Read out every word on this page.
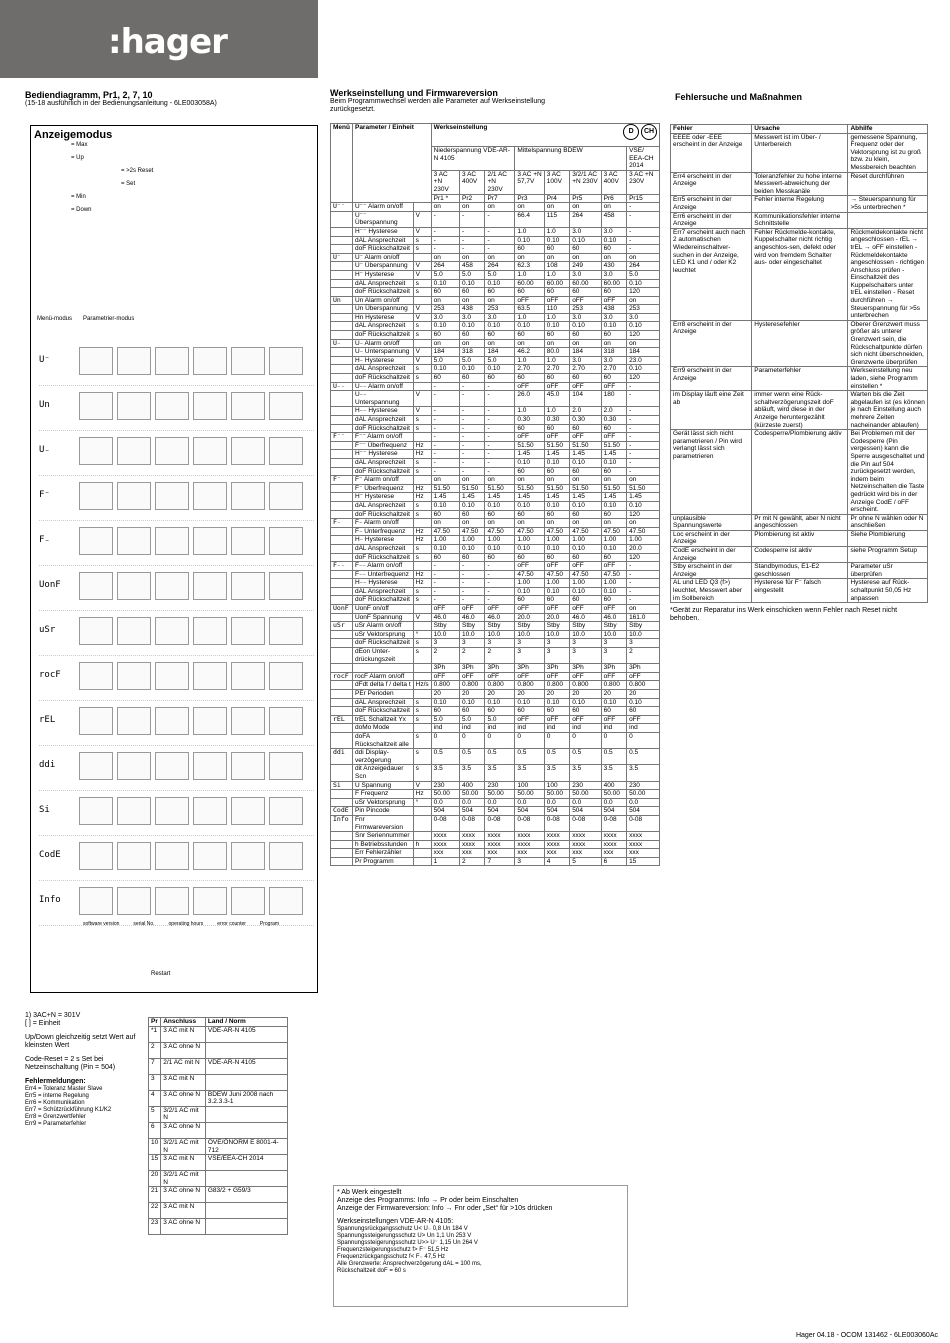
:hager
Bediendiagramm, Pr1, 2, 7, 10
(15-18 ausführlich in der Bedienungsanleitung - 6LE003058A)
Anzeigemodus
= Max
= Up
= >2s Reset
= Set
= Min
= Down
Menü-modus Parametrier-modus
U⁻
Un
U₋
F⁻
F₋
UonF
uSr
rocF
rEL
ddi
Si
CodE
Info
software version	serial No.	operating hours	error counter	Program
Restart
1) 3AC+N = 301V
[ ] = Einheit
Up/Down gleichzeitig setzt Wert auf kleinsten Wert
Code-Reset = 2 s Set bei Netzeinschaltung (Pin = 504)
Fehlermeldungen:
Err4 = Toleranz Master Slave
Err5 = interne Regelung
Err6 = Kommunikation
Err7 = Schützrückführung K1/K2
Err8 = Grenzwertfehler
Err9 = Parameterfehler
Pr	Anschluss	Land / Norm
*1	3 AC mit N	VDE-AR-N 4105
2	3 AC ohne N	
7	2/1 AC mit N	VDE-AR-N 4105
3	3 AC mit N	
4	3 AC ohne N	BDEW Juni 2008 nach 3.2.3.3-1
5	3/2/1 AC mit N	
6	3 AC ohne N	
10	3/2/1 AC mit N	ÖVE/ÖNORM E 8001-4-712
15	3 AC mit N	VSE/EEA-CH 2014
20	3/2/1 AC mit N	
21	3 AC ohne N	G83/2 + G59/3
22	3 AC mit N	
23	3 AC ohne N	
Werkseinstellung und Firmwareversion
Beim Programmwechsel werden alle Parameter auf Werkseinstellung zurückgesetzt.
Menü	Parameter / Einheit		Werkseinstellung
D CH							

			Niederspannung VDE-AR-N 4105			Mittelspannung BDEW				VSE/ EEA-CH 2014
			3 AC +N 230V	3 AC 400V	2/1 AC +N 230V	3 AC +N 57,7V	3 AC 100V	3/2/1 AC +N 230V	3 AC 400V	3 AC +N 230V
			Pr1 *	Pr2	Pr7	Pr3	Pr4	Pr5	Pr6	Pr15
U⁻⁻	U⁻⁻ Alarm on/off		on	on	on	on	on	on	on	-
	U⁻⁻ Überspannung	V	-	-	-	66.4	115	264	458	-
	H⁻⁻ Hysterese	V	-	-	-	1.0	1.0	3.0	3.0	-
	dAL Ansprechzeit	s	-	-	-	0.10	0.10	0.10	0.10	-
	doF Rückschaltzeit	s	-	-	-	60	60	60	60	-
U⁻	U⁻ Alarm on/off		on	on	on	on	on	on	on	on
	U⁻ Überspannung	V	264	458	264	62.3	108	249	430	264
	H⁻ Hysterese	V	5.0	5.0	5.0	1.0	1.0	3.0	3.0	5.0
	dAL Ansprechzeit	s	0.10	0.10	0.10	60.00	60.00	60.00	60.00	0.10
	doF Rückschaltzeit	s	60	60	60	60	60	60	60	120
Un	Un Alarm on/off		on	on	on	oFF	oFF	oFF	oFF	on
	Un Überspannung	V	253	438	253	63.5	110	253	438	253
	Hn Hysterese	V	3.0	3.0	3.0	1.0	1.0	3.0	3.0	3.0
	dAL Ansprechzeit	s	0.10	0.10	0.10	0.10	0.10	0.10	0.10	0.10
	doF Rückschaltzeit	s	60	60	60	60	60	60	60	120
U₋	U₋ Alarm on/off		on	on	on	on	on	on	on	on
	U₋ Unterspannung	V	184	318	184	46.2	80.0	184	318	184
	H₋ Hysterese	V	5.0	5.0	5.0	1.0	1.0	3.0	3.0	23.0
	dAL Ansprechzeit	s	0.10	0.10	0.10	2.70	2.70	2.70	2.70	0.10
	doF Rückschaltzeit	s	60	60	60	60	60	60	60	120
U₋₋	U₋₋ Alarm on/off		-	-	-	oFF	oFF	oFF	oFF	-
	U₋₋ Unterspannung	V	-	-	-	26.0	45.0	104	180	-
	H₋₋ Hysterese	V	-	-	-	1.0	1.0	2.0	2.0	-
	dAL Ansprechzeit	s	-	-	-	0.30	0.30	0.30	0.30	-
	doF Rückschaltzeit	s	-	-	-	60	60	60	60	-
F⁻⁻	F⁻⁻ Alarm on/off		-	-	-	oFF	oFF	oFF	oFF	-
	F⁻⁻ Überfrequenz	Hz	-	-	-	51.50	51.50	51.50	51.50	-
	H⁻⁻ Hysterese	Hz	-	-	-	1.45	1.45	1.45	1.45	-
	dAL Ansprechzeit	s	-	-	-	0.10	0.10	0.10	0.10	-
	doF Rückschaltzeit	s	-	-	-	60	60	60	60	-
F⁻	F⁻ Alarm on/off		on	on	on	on	on	on	on	on
	F⁻ Überfrequenz	Hz	51.50	51.50	51.50	51.50	51.50	51.50	51.50	51.50
	H⁻ Hysterese	Hz	1.45	1.45	1.45	1.45	1.45	1.45	1.45	1.45
	dAL Ansprechzeit	s	0.10	0.10	0.10	0.10	0.10	0.10	0.10	0.10
	doF Rückschaltzeit	s	60	60	60	60	60	60	60	120
F₋	F₋ Alarm on/off		on	on	on	on	on	on	on	on
	F₋ Unterfrequenz	Hz	47.50	47.50	47.50	47.50	47.50	47.50	47.50	47.50
	H₋ Hysterese	Hz	1.00	1.00	1.00	1.00	1.00	1.00	1.00	1.00
	dAL Ansprechzeit	s	0.10	0.10	0.10	0.10	0.10	0.10	0.10	20.0
	doF Rückschaltzeit	s	60	60	60	60	60	60	60	120
F₋₋	F₋₋ Alarm on/off		-	-	-	oFF	oFF	oFF	oFF	-
	F₋₋ Unterfrequenz	Hz	-	-	-	47.50	47.50	47.50	47.50	-
	H₋₋ Hysterese	Hz	-	-	-	1.00	1.00	1.00	1.00	-
	dAL Ansprechzeit	s	-	-	-	0.10	0.10	0.10	0.10	-
	doF Rückschaltzeit	s	-	-	-	60	60	60	60	-
UonF	UonF on/off		oFF	oFF	oFF	oFF	oFF	oFF	oFF	on
	UonF Spannung	V	46.0	46.0	46.0	20.0	20.0	46.0	46.0	161.0
uSr	uSr Alarm on/off		Stby	Stby	Stby	Stby	Stby	Stby	Stby	Stby
	uSr Vektorsprung	°	10.0	10.0	10.0	10.0	10.0	10.0	10.0	10.0
	doF Rückschaltzeit	s	3	3	3	3	3	3	3	3
	dEon Unter-drückungszeit	s	2	2	2	3	3	3	3	2
			3Ph	3Ph	3Ph	3Ph	3Ph	3Ph	3Ph	3Ph
rocF	rocF Alarm on/off		oFF	oFF	oFF	oFF	oFF	oFF	oFF	oFF
	dFdt delta f / delta t	Hz/s	0.800	0.800	0.800	0.800	0.800	0.800	0.800	0.800
	PEr Perioden		20	20	20	20	20	20	20	20
	dAL Ansprechzeit	s	0.10	0.10	0.10	0.10	0.10	0.10	0.10	0.10
	doF Rückschaltzeit	s	60	60	60	60	60	60	60	60
rEL	trEL Schaltzeit Yx	s	5.0	5.0	5.0	oFF	oFF	oFF	oFF	oFF
	doMo Mode		ind	ind	ind	ind	ind	ind	ind	ind
	doFA Rückschaltzeit alle	s	0	0	0	0	0	0	0	0
ddi	ddi Display-verzögerung	s	0.5	0.5	0.5	0.5	0.5	0.5	0.5	0.5
	dit Anzeigedauer Scn	s	3.5	3.5	3.5	3.5	3.5	3.5	3.5	3.5
Si	U Spannung	V	230	400	230	100	100	230	400	230
	F Frequenz	Hz	50.00	50.00	50.00	50.00	50.00	50.00	50.00	50.00
	uSr Vektorsprung	°	0.0	0.0	0.0	0.0	0.0	0.0	0.0	0.0
CodE	Pin Pincode		504	504	504	504	504	504	504	504
Info	Fnr Firmwareversion		0-08	0-08	0-08	0-08	0-08	0-08	0-08	0-08
	Snr Seriennummer		xxxx	xxxx	xxxx	xxxx	xxxx	xxxx	xxxx	xxxx
	h Betriebsstunden	h	xxxx	xxxx	xxxx	xxxx	xxxx	xxxx	xxxx	xxxx
	Err Fehlerzähler		xxx	xxx	xxx	xxx	xxx	xxx	xxx	xxx
	Pr Programm		1	2	7	3	4	5	6	15
* Ab Werk eingestellt
Anzeige des Programms: Info → Pr oder beim Einschalten
Anzeige der Firmwareversion: Info → Fnr oder „Set“ für >10s drücken
Werkseinstellungen VDE-AR-N 4105:
Spannungsrückgangsschutz U< U₋ 0,8 Un 184 V
Spannungssteigerungsschutz U> Un 1,1 Un 253 V
Spannungssteigerungsschutz U>> U⁻ 1,15 Un 264 V
Frequenzsteigerungsschutz f> F⁻ 51,5 Hz
Frequenzrückgangsschutz f< F₋ 47,5 Hz
Alle Grenzwerte: Ansprechverzögerung dAL = 100 ms,
Rückschaltzeit doF = 60 s
Fehlersuche und Maßnahmen
Fehler	Ursache	Abhilfe
EEEE oder -EEE erscheint in der Anzeige	Messwert ist im Über- / Unterbereich	gemessene Spannung, Frequenz oder der Vektorsprung ist zu groß bzw. zu klein, Messbereich beachten
Err4 erscheint in der Anzeige	Toleranzfehler zu hohe interne Messwert-abweichung der beiden Messkanäle	Reset durchführen
Err5 erscheint in der Anzeige	Fehler interne Regelung	→ Steuerspannung für >5s unterbrechen *
Err6 erscheint in der Anzeige	Kommunikationsfehler interne Schnittstelle	
Err7 erscheint auch nach 2 automatischen Wiedereinschaltver-suchen in der Anzeige, LED K1 und / oder K2 leuchtet	Fehler Rückmelde-kontakte, Kuppelschalter nicht richtig angeschlos-sen, defekt oder wird von fremdem Schalter aus- oder eingeschaltet	Rückmeldekontakte nicht angeschlossen - rEL → trEL → oFF einstellen - Rückmeldekontakte angeschlossen - richtigen Anschluss prüfen - Einschaltzeit des Kuppelschalters unter trEL einstellen - Reset durchführen → Steuerspannung für >5s unterbrechen
Err8 erscheint in der Anzeige	Hysteresefehler	Oberer Grenzwert muss größer als unterer Grenzwert sein, die Rückschaltpunkte dürfen sich nicht überschneiden, Grenzwerte überprüfen
Err9 erscheint in der Anzeige	Parameterfehler	Werkseinstellung neu laden, siehe Programm einstellen *
im Display läuft eine Zeit ab	immer wenn eine Rück-schaltverzögerungszeit doF abläuft, wird diese in der Anzeige heruntergezählt (kürzeste zuerst)	Warten bis die Zeit abgelaufen ist (es können je nach Einstellung auch mehrere Zeiten nacheinander ablaufen)
Gerät lässt sich nicht parametrieren / Pin wird verlangt lässt sich parametrieren	Codesperre/Plombierung aktiv	Bei Problemen mit der Codesperre (Pin vergessen) kann die Sperre ausgeschaltet und die Pin auf 504 zurückgesetzt werden, indem beim Netzeinschalten die Taste gedrückt wird bis in der Anzeige CodE / oFF erscheint.
unplausible Spannungswerte	Pr mit N gewählt, aber N nicht angeschlossen	Pr ohne N wählen oder N anschließen
Loc erscheint in der Anzeige	Plombierung ist aktiv	Siehe Plombierung
CodE erscheint in der Anzeige	Codesperre ist aktiv	siehe Programm Setup
Stby erscheint in der Anzeige	Standbymodus, E1-E2 geschlossen	Parameter uSr überprüfen
AL und LED Q3 (f>) leuchtet, Messwert aber im Sollbereich	Hysterese für F⁻ falsch eingestellt	Hysterese auf Rück-schaltpunkt 50,05 Hz anpassen
*Gerät zur Reparatur ins Werk einschicken wenn Fehler nach Reset nicht behoben.
Hager 04.18 - OCOM 131462 - 6LE003060Ac
